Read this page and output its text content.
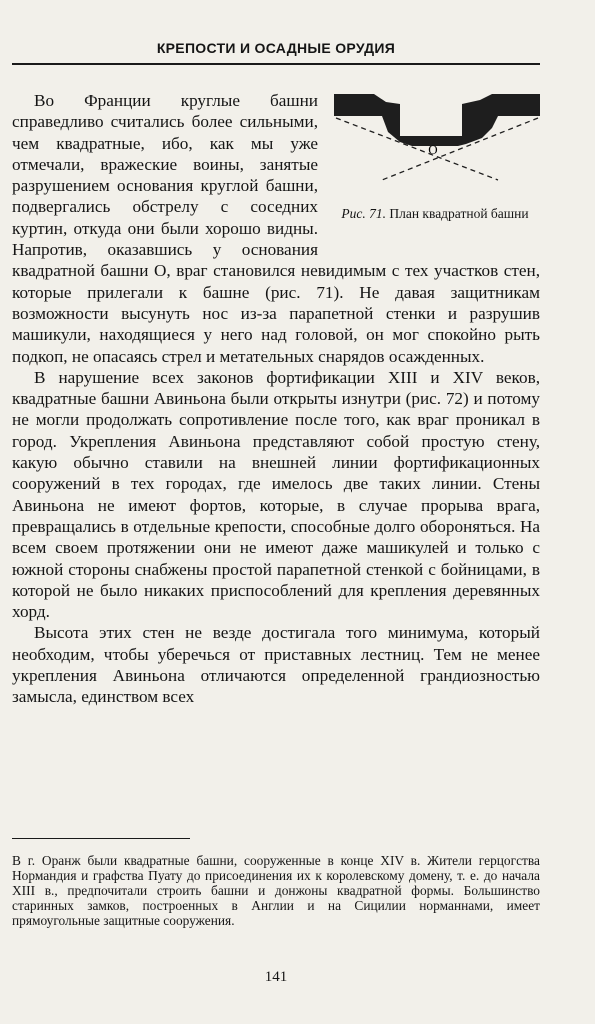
КРЕПОСТИ И ОСАДНЫЕ ОРУДИЯ
O
Рис. 71. План квадратной башни

Во Франции круглые башни справедливо считались более сильными, чем квадратные, ибо, как мы уже отмечали, вражеские воины, занятые разрушением основания круглой башни, подвергались обстрелу с соседних куртин, откуда они были хорошо видны. Напротив, оказавшись у основания квадратной башни O, враг становился невидимым с тех участков стен, которые прилегали к башне (рис. 71). Не давая защитникам возможности высунуть нос из-за парапетной стенки и разрушив машикули, находящиеся у него над головой, он мог спокойно рыть подкоп, не опасаясь стрел и метательных снарядов осажденных.

В нарушение всех законов фортификации XIII и XIV веков, квадратные башни Авиньона были открыты изнутри (рис. 72) и потому не могли продолжать сопротивление после того, как враг проникал в город. Укрепления Авиньона представляют собой простую стену, какую обычно ставили на внешней линии фортификационных сооружений в тех городах, где имелось две таких линии. Стены Авиньона не имеют фортов, которые, в случае прорыва врага, превращались в отдельные крепости, способные долго обороняться. На всем своем протяжении они не имеют даже машикулей и только с южной стороны снабжены простой парапетной стенкой с бойницами, в которой не было никаких приспособлений для крепления деревянных хорд.

Высота этих стен не везде достигала того минимума, который необходим, чтобы уберечься от приставных лестниц. Тем не менее укрепления Авиньона отличаются определенной грандиозностью замысла, единством всех

В г. Оранж были квадратные башни, сооруженные в конце XIV в. Жители герцогства Нормандия и графства Пуату до присоединения их к королевскому домену, т. е. до начала XIII в., предпочитали строить башни и донжоны квадратной формы. Большинство старинных замков, построенных в Англии и на Сицилии норманнами, имеет прямоугольные защитные сооружения.
141
